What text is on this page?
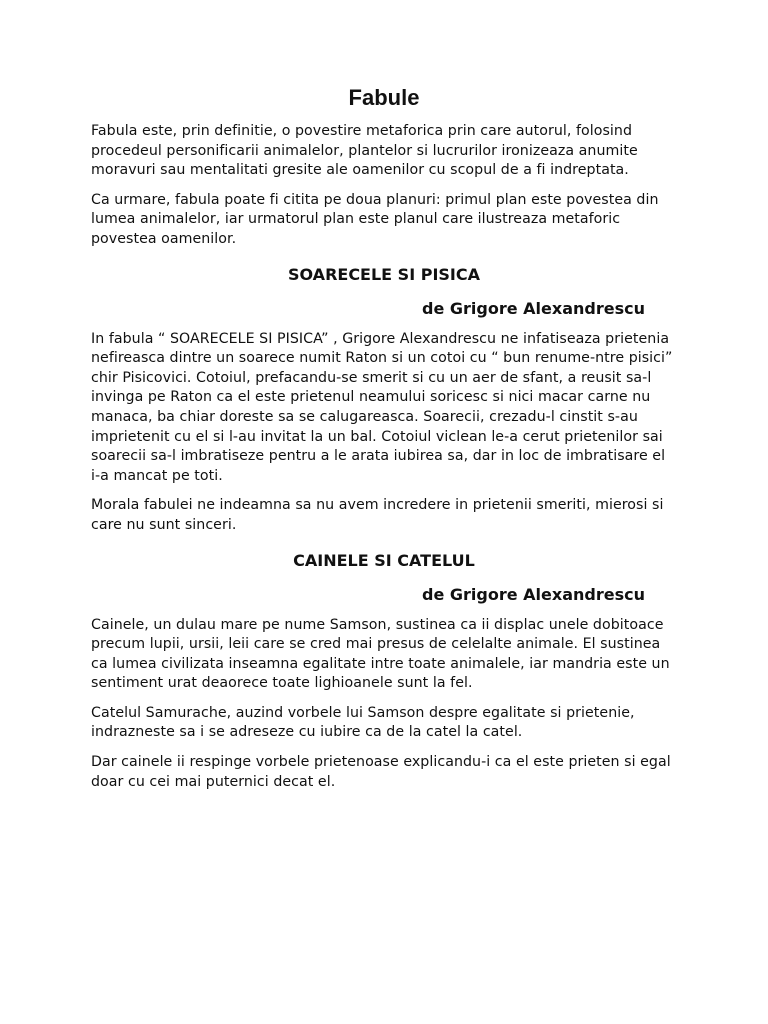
Fabule

Fabula este, prin definitie, o povestire metaforica prin care autorul, folosind procedeul personificarii animalelor, plantelor si lucrurilor ironizeaza anumite moravuri sau mentalitati gresite ale oamenilor cu scopul de a fi indreptata.

Ca urmare, fabula poate fi citita pe doua planuri: primul plan este povestea din lumea animalelor, iar urmatorul plan este planul care ilustreaza metaforic povestea oamenilor.

SOARECELE SI PISICA
de Grigore Alexandrescu

In fabula “ SOARECELE SI PISICA” , Grigore Alexandrescu ne infatiseaza prietenia nefireasca dintre un soarece numit Raton si un cotoi cu “ bun renume-ntre pisici” chir Pisicovici. Cotoiul, prefacandu-se smerit si cu un aer de sfant, a reusit sa-l invinga pe Raton ca el este prietenul neamului soricesc si nici macar carne nu manaca, ba chiar doreste sa se calugareasca. Soarecii, crezadu-l cinstit s-au imprietenit cu el si l-au invitat la un bal. Cotoiul viclean le-a cerut prietenilor sai soarecii sa-l imbratiseze pentru a le arata iubirea sa, dar in loc de imbratisare el i-a mancat pe toti.

Morala fabulei ne indeamna sa nu avem incredere in prietenii smeriti, mierosi si care nu sunt sinceri.

CAINELE SI CATELUL
de Grigore Alexandrescu

Cainele, un dulau mare pe nume Samson, sustinea ca ii displac unele dobitoace precum lupii, ursii, leii care se cred mai presus de celelalte animale. El sustinea ca lumea civilizata inseamna egalitate intre toate animalele, iar mandria este un sentiment urat deaorece toate lighioanele sunt la fel.

Catelul Samurache, auzind vorbele lui Samson despre egalitate si prietenie, indrazneste sa i se adreseze cu iubire ca de la catel la catel.

Dar cainele ii respinge vorbele prietenoase explicandu-i ca el este prieten si egal doar cu cei mai puternici decat el.
